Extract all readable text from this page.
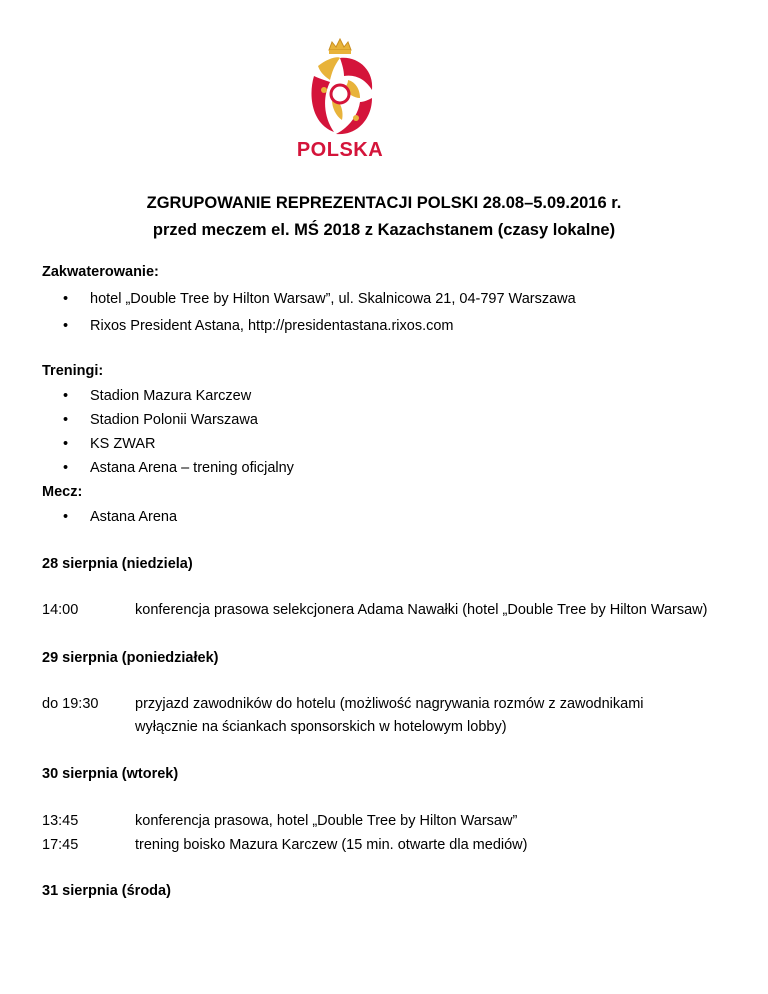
POLSKA
ZGRUPOWANIE REPREZENTACJI POLSKI 28.08–5.09.2016 r.
przed meczem el. MŚ 2018 z Kazachstanem (czasy lokalne)
Zakwaterowanie:
• hotel „Double Tree by Hilton Warsaw”, ul. Skalnicowa 21, 04-797 Warszawa
• Rixos President Astana, http://presidentastana.rixos.com
Treningi:
• Stadion Mazura Karczew
• Stadion Polonii Warszawa
• KS ZWAR
• Astana Arena – trening oficjalny
Mecz:
• Astana Arena
28 sierpnia (niedziela)
14:00	konferencja prasowa selekcjonera Adama Nawałki (hotel „Double Tree by Hilton Warsaw)
29 sierpnia (poniedziałek)
do 19:30	przyjazd zawodników do hotelu (możliwość nagrywania rozmów z zawodnikami
wyłącznie na ściankach sponsorskich w hotelowym lobby)
30 sierpnia (wtorek)
13:45	konferencja prasowa, hotel „Double Tree by Hilton Warsaw”
17:45	trening boisko Mazura Karczew (15 min. otwarte dla mediów)
31 sierpnia (środa)
